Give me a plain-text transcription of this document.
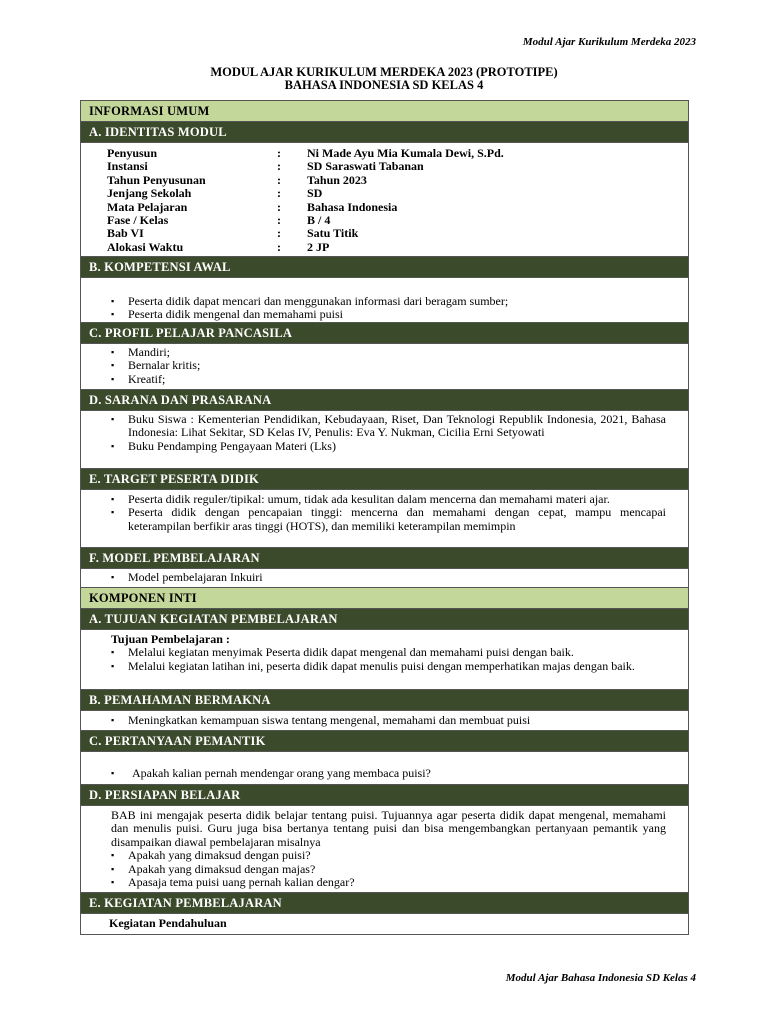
Modul Ajar Kurikulum Merdeka 2023
MODUL AJAR KURIKULUM MERDEKA 2023 (PROTOTIPE)
BAHASA INDONESIA SD KELAS 4
INFORMASI UMUM
A. IDENTITAS MODUL
Penyusun	:	Ni Made Ayu Mia Kumala Dewi, S.Pd.
Instansi	:	SD Saraswati Tabanan
Tahun Penyusunan	:	Tahun 2023
Jenjang Sekolah	:	SD
Mata Pelajaran	:	Bahasa Indonesia
Fase / Kelas	:	B / 4
Bab VI	:	Satu Titik
Alokasi Waktu	:	2 JP
B. KOMPETENSI AWAL
▪ Peserta didik dapat mencari dan menggunakan informasi dari beragam sumber;
▪ Peserta didik mengenal dan memahami puisi
C. PROFIL PELAJAR PANCASILA
▪ Mandiri;
▪ Bernalar kritis;
▪ Kreatif;
D. SARANA DAN PRASARANA
▪ Buku Siswa : Kementerian Pendidikan, Kebudayaan, Riset, Dan Teknologi Republik Indonesia, 2021, Bahasa Indonesia: Lihat Sekitar, SD Kelas IV, Penulis: Eva Y. Nukman, Cicilia Erni Setyowati
▪ Buku Pendamping Pengayaan Materi (Lks)
E. TARGET PESERTA DIDIK
▪ Peserta didik reguler/tipikal: umum, tidak ada kesulitan dalam mencerna dan memahami materi ajar.
▪ Peserta didik dengan pencapaian tinggi: mencerna dan memahami dengan cepat, mampu mencapai keterampilan berfikir aras tinggi (HOTS), dan memiliki keterampilan memimpin
F. MODEL PEMBELAJARAN
▪ Model pembelajaran Inkuiri
KOMPONEN INTI
A. TUJUAN KEGIATAN PEMBELAJARAN
Tujuan Pembelajaran :
▪ Melalui kegiatan menyimak Peserta didik dapat mengenal dan memahami puisi dengan baik.
▪ Melalui kegiatan latihan ini, peserta didik dapat menulis puisi dengan memperhatikan majas dengan baik.
B. PEMAHAMAN BERMAKNA
▪ Meningkatkan kemampuan siswa tentang mengenal, memahami dan membuat puisi
C. PERTANYAAN PEMANTIK
▪ Apakah kalian pernah mendengar orang yang membaca puisi?
D. PERSIAPAN BELAJAR
BAB ini mengajak peserta didik belajar tentang puisi. Tujuannya agar peserta didik dapat mengenal, memahami dan menulis puisi. Guru juga bisa bertanya tentang puisi dan bisa mengembangkan pertanyaan pemantik yang disampaikan diawal pembelajaran misalnya
▪ Apakah yang dimaksud dengan puisi?
▪ Apakah yang dimaksud dengan majas?
▪ Apasaja tema puisi uang pernah kalian dengar?
E. KEGIATAN PEMBELAJARAN
Kegiatan Pendahuluan
Modul Ajar Bahasa Indonesia SD Kelas 4
